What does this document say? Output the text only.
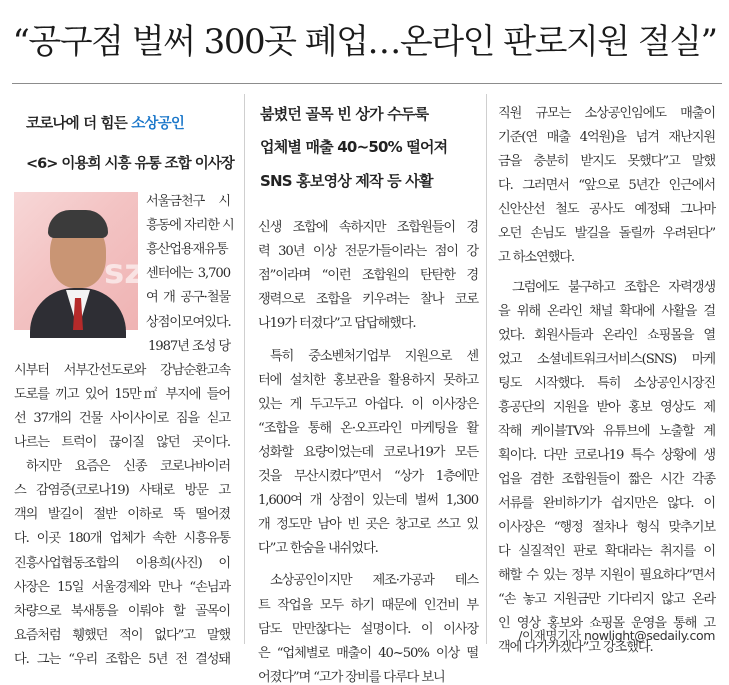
“공구점 벌써 300곳 폐업…온라인 판로지원 절실”
코로나에 더 힘든 소상공인
<6> 이용희 시흥 유통 조합 이사장
sz
붐볐던 골목 빈 상가 수두룩
업체별 매출 40~50% 떨어져
SNS 홍보영상 제작 등 사활
서울금천구 시
흥동에 자리한 시
흥산업용재유통
센터에는 3,700
여 개 공구·철물
상점이모여있다.
1987년 조성 당
시부터 서부간선도로와 강남순환고속
도로를 끼고 있어 15만㎡ 부지에 들어
선 37개의 건물 사이사이로 짐을 싣고
나르는 트럭이 끊이질 않던 곳이다.
하지만 요즘은 신종 코로나바이러
스 감염증(코로나19) 사태로 방문 고
객의 발길이 절반 이하로 뚝 떨어졌
다. 이곳 180개 업체가 속한 시흥유통
진흥사업협동조합의 이용희(사진) 이
사장은 15일 서울경제와 만나 “손님과
차량으로 북새통을 이뤄야 할 골목이
요즘처럼 휑했던 적이 없다”고 말했
다. 그는 “우리 조합은 5년 전 결성돼
신생 조합에 속하지만 조합원들이 경
력 30년 이상 전문가들이라는 점이 강
점”이라며 “이런 조합원의 탄탄한 경
쟁력으로 조합을 키우려는 찰나 코로
나19가 터졌다”고 답답해했다.
특히 중소벤처기업부 지원으로 센
터에 설치한 홍보관을 활용하지 못하고
있는 게 두고두고 아쉽다. 이 이사장은
“조합을 통해 온·오프라인 마케팅을 활
성화할 요량이었는데 코로나19가 모든
것을 무산시켰다”면서 “상가 1층에만
1,600여 개 상점이 있는데 벌써 1,300
개 정도만 남아 빈 곳은 창고로 쓰고 있
다”고 한숨을 내쉬었다.
소상공인이지만 제조·가공과 테스
트 작업을 모두 하기 때문에 인건비 부
담도 만만찮다는 설명이다. 이 이사장
은 “업체별로 매출이 40~50% 이상 떨
어졌다”며 “고가 장비를 다루다 보니
직원 규모는 소상공인임에도 매출이
기준(연 매출 4억원)을 넘겨 재난지원
금을 충분히 받지도 못했다”고 말했
다. 그러면서 “앞으로 5년간 인근에서
신안산선 철도 공사도 예정돼 그나마
오던 손님도 발길을 돌릴까 우려된다”
고 하소연했다.
그럼에도 불구하고 조합은 자력갱생
을 위해 온라인 채널 확대에 사활을 걸
었다. 회원사들과 온라인 쇼핑몰을 열
었고 소셜네트워크서비스(SNS) 마케
팅도 시작했다. 특히 소상공인시장진
흥공단의 지원을 받아 홍보 영상도 제
작해 케이블TV와 유튜브에 노출할 계
획이다. 다만 코로나19 특수 상황에 생
업을 겸한 조합원들이 짧은 시간 각종
서류를 완비하기가 쉽지만은 않다. 이
이사장은 “행정 절차나 형식 맞추기보
다 실질적인 판로 확대라는 취지를 이
해할 수 있는 정부 지원이 필요하다”면서
“손 놓고 지원금만 기다리지 않고 온라
인 영상 홍보와 쇼핑몰 운영을 통해 고
객에 다가가겠다”고 강조했다.
/이재명기자 nowlight@sedaily.com
